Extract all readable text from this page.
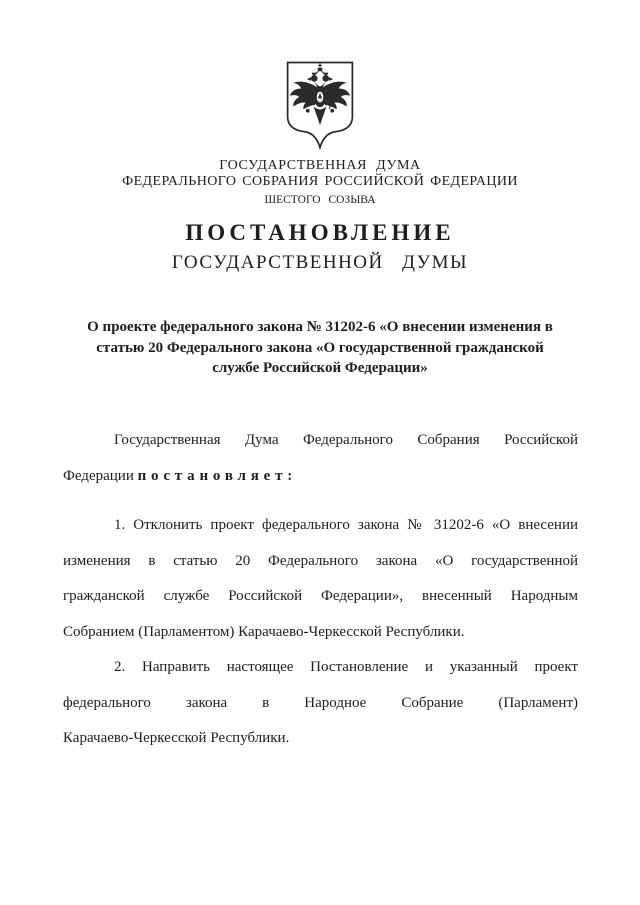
ГОСУДАРСТВЕННАЯ ДУМА
ФЕДЕРАЛЬНОГО СОБРАНИЯ РОССИЙСКОЙ ФЕДЕРАЦИИ
ШЕСТОГО СОЗЫВА
ПОСТАНОВЛЕНИЕ
ГОСУДАРСТВЕННОЙ ДУМЫ
О проекте федерального закона № 31202-6 «О внесении изменения в
статью 20 Федерального закона «О государственной гражданской
службе Российской Федерации»
Государственная Дума Федерального Собрания Российской
Федерации постановляет:
1. Отклонить проект федерального закона № 31202-6 «О внесении
изменения в статью 20 Федерального закона «О государственной
гражданской службе Российской Федерации», внесенный Народным
Собранием (Парламентом) Карачаево-Черкесской Республики.
2. Направить настоящее Постановление и указанный проект
федерального закона в Народное Собрание (Парламент)
Карачаево-Черкесской Республики.
